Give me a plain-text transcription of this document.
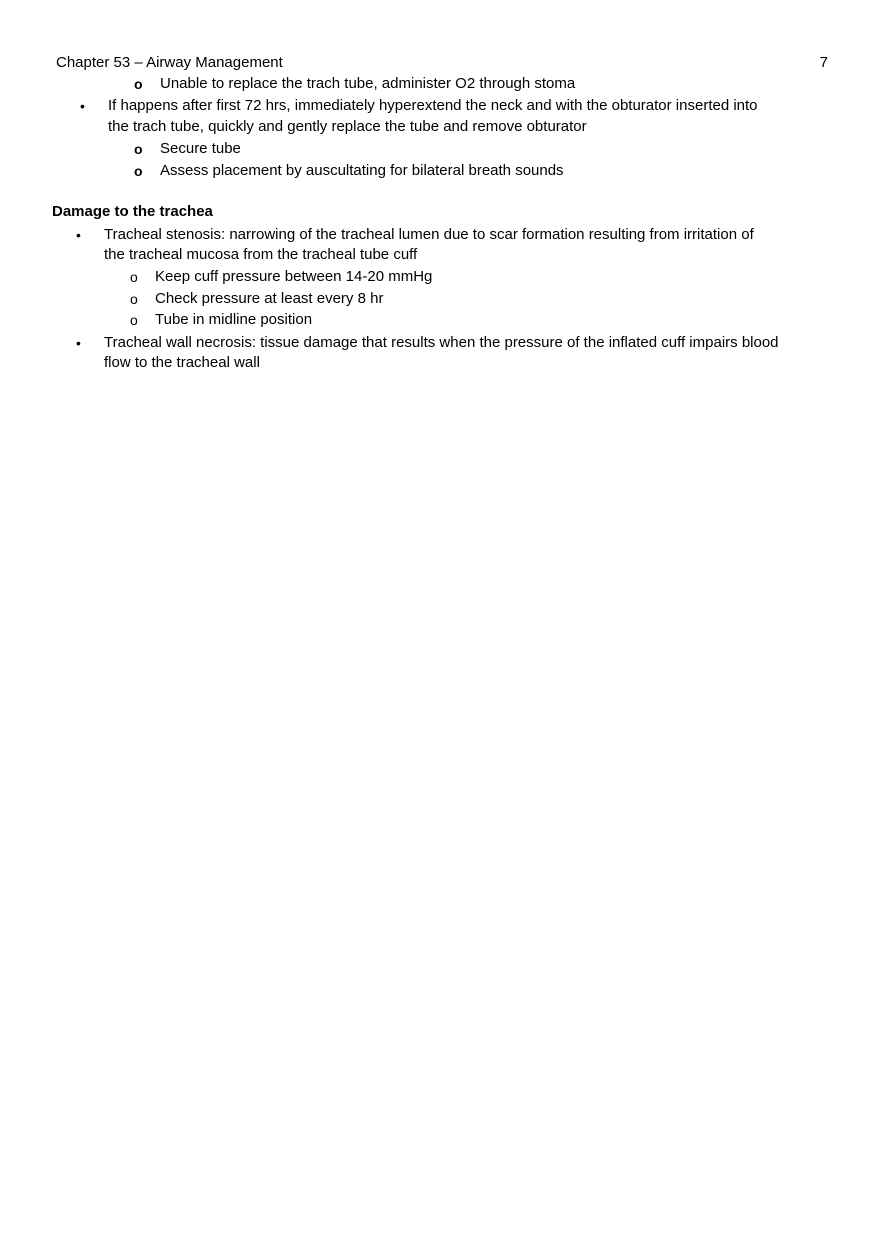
Chapter 53 – Airway Management	7
o Unable to replace the trach tube, administer O2 through stoma
• If happens after first 72 hrs, immediately hyperextend the neck and with the obturator inserted into
the trach tube, quickly and gently replace the tube and remove obturator
o Secure tube
o Assess placement by auscultating for bilateral breath sounds
Damage to the trachea
• Tracheal stenosis: narrowing of the tracheal lumen due to scar formation resulting from irritation of
the tracheal mucosa from the tracheal tube cuff
o Keep cuff pressure between 14-20 mmHg
o Check pressure at least every 8 hr
o Tube in midline position
• Tracheal wall necrosis: tissue damage that results when the pressure of the inflated cuff impairs blood
flow to the tracheal wall
